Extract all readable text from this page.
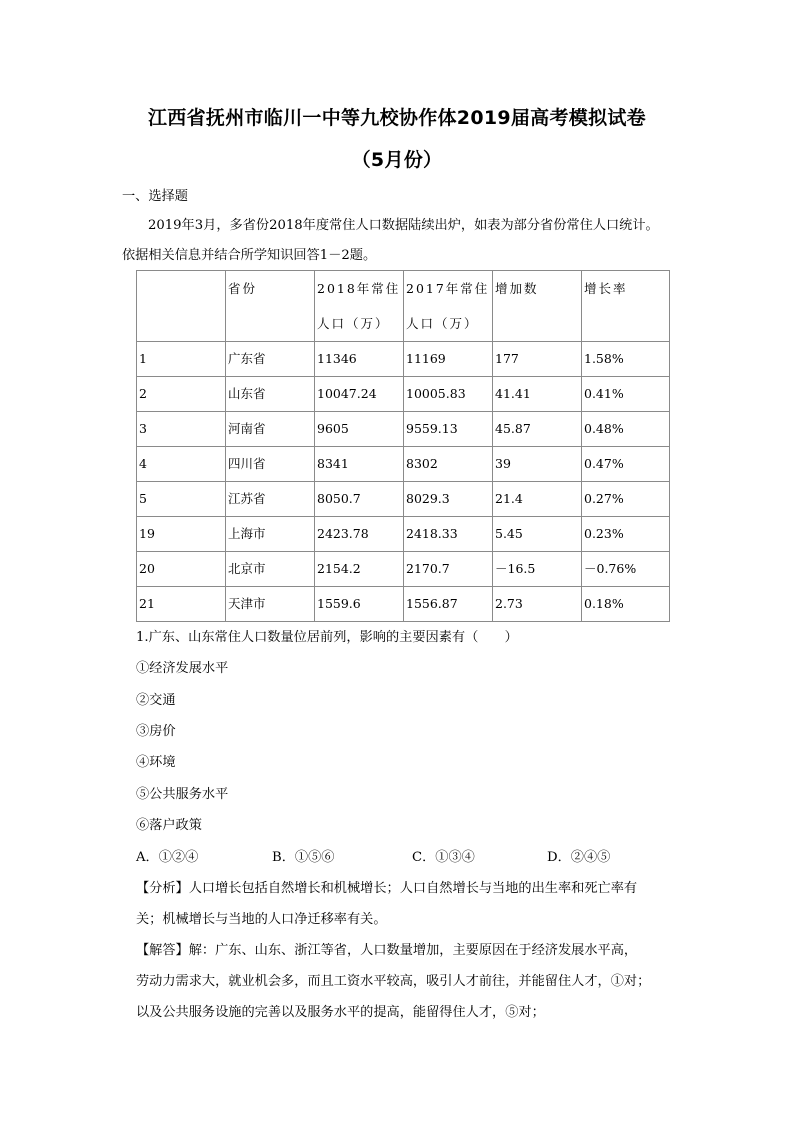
江西省抚州市临川一中等九校协作体2019届高考模拟试卷
（5月份）
一、选择题
2019年3月，多省份2018年度常住人口数据陆续出炉，如表为部分省份常住人口统计。
依据相关信息并结合所学知识回答1－2题。

	省份	2018年常住人口（万）	2017年常住人口（万）	增加数	增长率

1	广东省	11346	11169	177	1.58%
2	山东省	10047.24	10005.83	41.41	0.41%
3	河南省	9605	9559.13	45.87	0.48%
4	四川省	8341	8302	39	0.47%
5	江苏省	8050.7	8029.3	21.4	0.27%
19	上海市	2423.78	2418.33	5.45	0.23%
20	北京市	2154.2	2170.7	－16.5	－0.76%
21	天津市	1559.6	1556.87	2.73	0.18%
1.广东、山东常住人口数量位居前列，影响的主要因素有（　　）
①经济发展水平
②交通
③房价
④环境
⑤公共服务水平
⑥落户政策
A．①②④	B．①⑤⑥	C．①③④	D．②④⑤
【分析】人口增长包括自然增长和机械增长；人口自然增长与当地的出生率和死亡率有
关；机械增长与当地的人口净迁移率有关。
【解答】解：广东、山东、浙江等省，人口数量增加，主要原因在于经济发展水平高，
劳动力需求大，就业机会多，而且工资水平较高，吸引人才前往，并能留住人才，①对；
以及公共服务设施的完善以及服务水平的提高，能留得住人才，⑤对；
